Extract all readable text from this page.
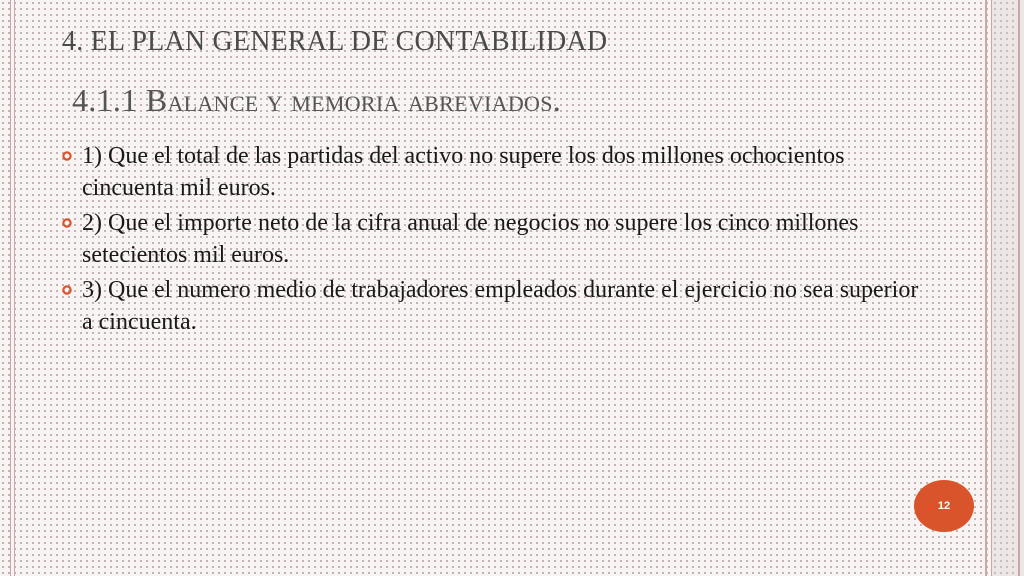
4. EL PLAN GENERAL DE CONTABILIDAD
4.1.1 Balance y memoria abreviados.
1) Que el total de las partidas del activo no supere los dos millones ochocientos cincuenta mil euros.
2) Que el importe neto de la cifra anual de negocios no supere los cinco millones setecientos mil euros.
3) Que el numero medio de trabajadores empleados durante el ejercicio no sea superior a cincuenta.
12
